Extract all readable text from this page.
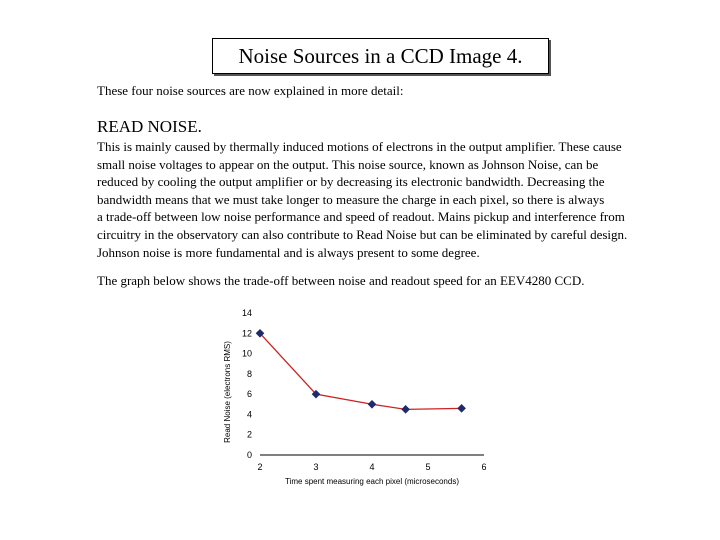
Noise Sources in a CCD Image 4.
These four noise sources are now explained in more detail:
READ NOISE.
This is mainly caused by thermally induced motions of electrons in the output amplifier. These cause
small noise voltages to appear on the output. This noise source, known as Johnson Noise, can be
reduced by cooling the output amplifier or by decreasing its electronic bandwidth. Decreasing the
bandwidth means that we must take longer to measure the charge in each pixel, so there is always
a trade-off between low noise performance and speed of readout. Mains pickup and interference from
circuitry in the observatory can also contribute to Read Noise but can be eliminated by careful design.
Johnson noise is more fundamental and is always present to some degree.
The graph below shows the trade-off between noise and readout speed for an EEV4280 CCD.
0
2
4
6
8
10
12
14
2	3	4	5	6
Time spent measuring each pixel (microseconds)
Read Noise (electrons RMS)
